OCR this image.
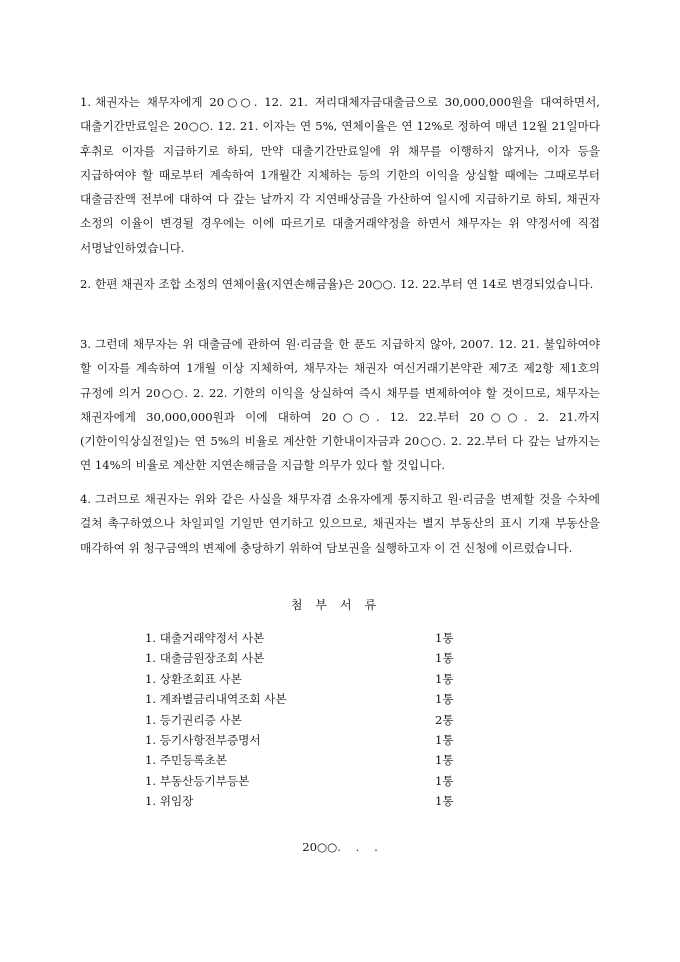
1. 채권자는 채무자에게 20○○. 12. 21. 저리대체자금대출금으로 30,000,000원을 대여하면서, 대출기간만료일은 20○○. 12. 21. 이자는 연 5%, 연체이율은 연 12%로 정하여 매년 12월 21일마다 후취로 이자를 지급하기로 하되, 만약 대출기간만료일에 위 채무를 이행하지 않거나, 이자 등을 지급하여야 할 때로부터 계속하여 1개월간 지체하는 등의 기한의 이익을 상실할 때에는 그때로부터 대출금잔액 전부에 대하여 다 갚는 날까지 각 지연배상금을 가산하여 일시에 지급하기로 하되, 채권자 소정의 이율이 변경될 경우에는 이에 따르기로 대출거래약정을 하면서 채무자는 위 약정서에 직접 서명날인하였습니다.
2. 한편 채권자 조합 소정의 연체이율(지연손해금율)은 20○○. 12. 22.부터 연 14로 변경되었습니다.
3. 그런데 채무자는 위 대출금에 관하여 원·리금을 한 푼도 지급하지 않아, 2007. 12. 21. 불입하여야 할 이자를 계속하여 1개월 이상 지체하여, 채무자는 채권자 여신거래기본약관 제7조 제2항 제1호의 규정에 의거 20○○. 2. 22. 기한의 이익을 상실하여 즉시 채무를 변제하여야 할 것이므로, 채무자는 채권자에게 30,000,000원과 이에 대하여 20○○. 12. 22.부터 20○○. 2. 21.까지(기한이익상실전일)는 연 5%의 비율로 계산한 기한내이자금과 20○○. 2. 22.부터 다 갚는 날까지는 연 14%의 비율로 계산한 지연손해금을 지급할 의무가 있다 할 것입니다.
4. 그러므로 채권자는 위와 같은 사실을 채무자겸 소유자에게 통지하고 원·리금을 변제할 것을 수차에 걸쳐 촉구하였으나 차일피일 기일만 연기하고 있으므로, 채권자는 별지 부동산의 표시 기재 부동산을 매각하여 위 청구금액의 변제에 충당하기 위하여 담보권을 실행하고자 이 건 신청에 이르렀습니다.
첨부서류
1. 대출거래약정서 사본	1통
1. 대출금원장조회 사본	1통
1. 상환조회표 사본	1통
1. 계좌별금리내역조회 사본	1통
1. 등기권리증 사본	2통
1. 등기사항전부증명서	1통
1. 주민등록초본	1통
1. 부동산등기부등본	1통
1. 위임장	1통
20○○.    .    .
